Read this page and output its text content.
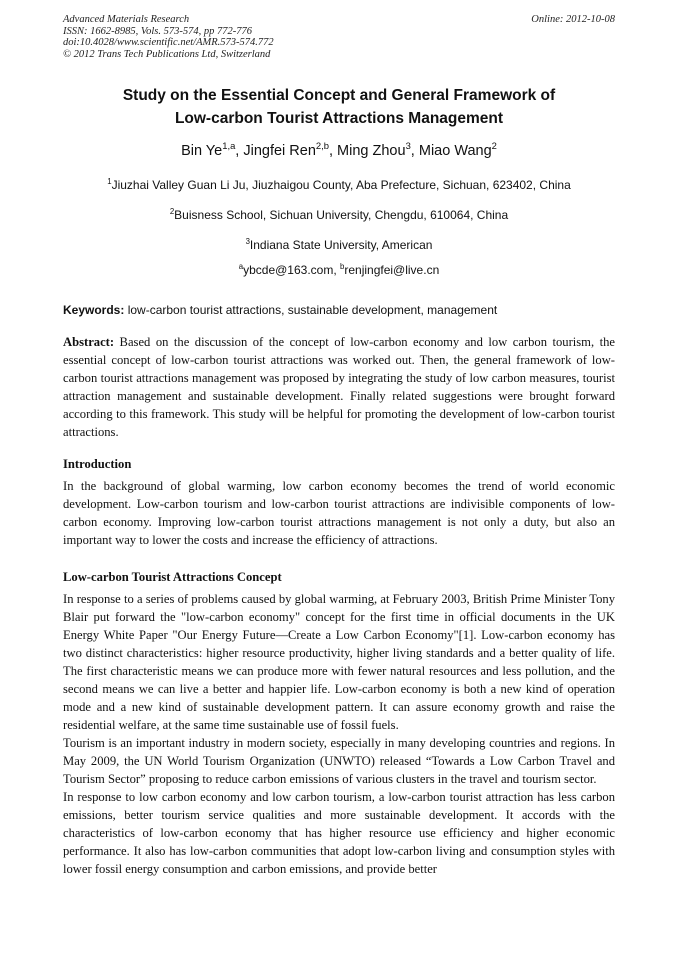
Advanced Materials Research
ISSN: 1662-8985, Vols. 573-574, pp 772-776
doi:10.4028/www.scientific.net/AMR.573-574.772
© 2012 Trans Tech Publications Ltd, Switzerland
Online: 2012-10-08
Study on the Essential Concept and General Framework of
Low-carbon Tourist Attractions Management
Bin Ye$^{1,a}$, Jingfei Ren$^{2,b}$, Ming Zhou$^3$, Miao Wang$^2$
$^1$Jiuzhai Valley Guan Li Ju, Jiuzhaigou County, Aba Prefecture, Sichuan, 623402, China
$^2$Buisness School, Sichuan University, Chengdu, 610064, China
$^3$Indiana State University, American
$^a$ybcde@163.com, $^b$renjingfei@live.cn
Keywords: low-carbon tourist attractions, sustainable development, management

Abstract: Based on the discussion of the concept of low-carbon economy and low carbon tourism, the essential concept of low-carbon tourist attractions was worked out. Then, the general framework of low-carbon tourist attractions management was proposed by integrating the study of low carbon measures, tourist attraction management and sustainable development. Finally related suggestions were brought forward according to this framework. This study will be helpful for promoting the development of low-carbon tourist attractions.

Introduction

In the background of global warming, low carbon economy becomes the trend of world economic development. Low-carbon tourism and low-carbon tourist attractions are indivisible components of low-carbon economy. Improving low-carbon tourist attractions management is not only a duty, but also an important way to lower the costs and increase the efficiency of attractions.

Low-carbon Tourist Attractions Concept

In response to a series of problems caused by global warming, at February 2003, British Prime Minister Tony Blair put forward the "low-carbon economy" concept for the first time in official documents in the UK Energy White Paper "Our Energy Future—Create a Low Carbon Economy"[1]. Low-carbon economy has two distinct characteristics: higher resource productivity, higher living standards and a better quality of life. The first characteristic means we can produce more with fewer natural resources and less pollution, and the second means we can live a better and happier life. Low-carbon economy is both a new kind of operation mode and a new kind of sustainable development pattern. It can assure economy growth and raise the residential welfare, at the same time sustainable use of fossil fuels.

Tourism is an important industry in modern society, especially in many developing countries and regions. In May 2009, the UN World Tourism Organization (UNWTO) released “Towards a Low Carbon Travel and Tourism Sector” proposing to reduce carbon emissions of various clusters in the travel and tourism sector.

In response to low carbon economy and low carbon tourism, a low-carbon tourist attraction has less carbon emissions, better tourism service qualities and more sustainable development. It accords with the characteristics of low-carbon economy that has higher resource use efficiency and higher economic performance. It also has low-carbon communities that adopt low-carbon living and consumption styles with lower fossil energy consumption and carbon emissions, and provide better
